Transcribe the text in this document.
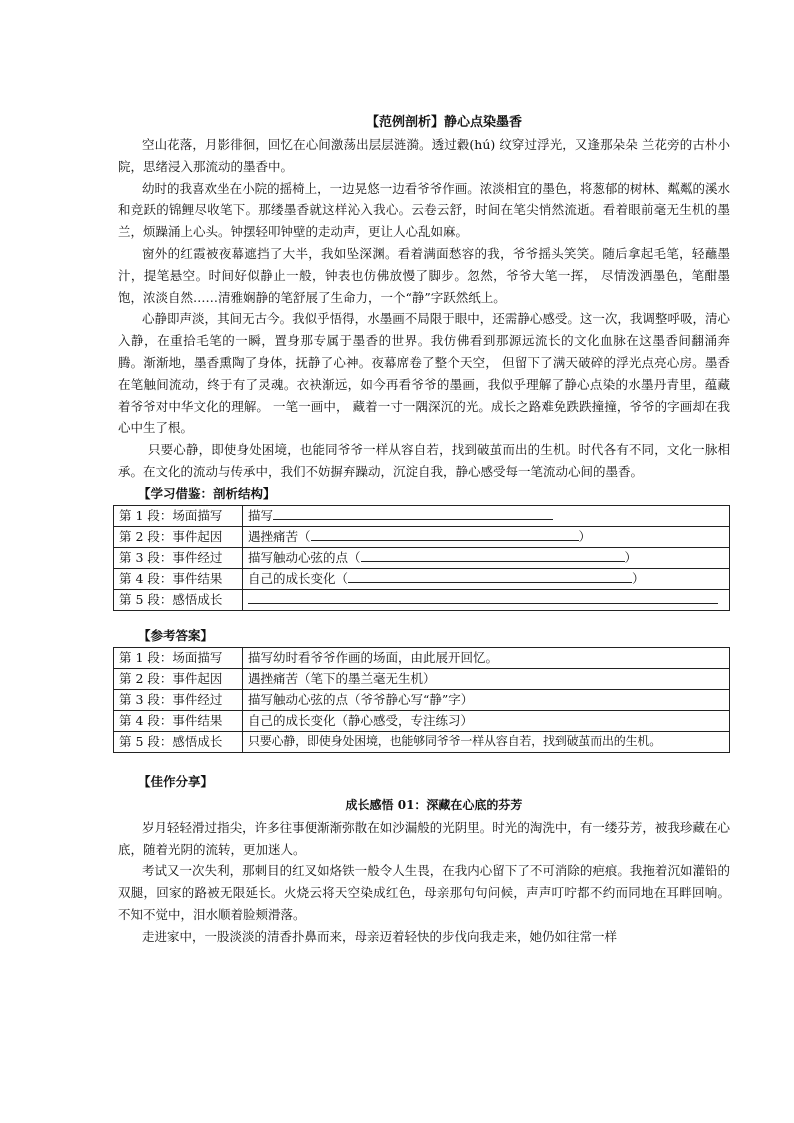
【范例剖析】静心点染墨香

空山花落，月影徘徊，回忆在心间激荡出层层涟漪。透过縠(hú) 纹穿过浮光，又逢那朵朵 兰花旁的古朴小院，思绪浸入那流动的墨香中。

幼时的我喜欢坐在小院的摇椅上，一边晃悠一边看爷爷作画。浓淡相宜的墨色，将葱郁的树林、粼粼的溪水和竞跃的锦鲤尽收笔下。那缕墨香就这样沁入我心。云卷云舒，时间在笔尖悄然流逝。看着眼前毫无生机的墨兰，烦躁涌上心头。钟摆轻叩钟壁的走动声，更让人心乱如麻。

窗外的红霞被夜幕遮挡了大半，我如坠深渊。看着满面愁容的我，爷爷摇头笑笑。随后拿起毛笔，轻蘸墨汁，提笔悬空。时间好似静止一般，钟表也仿佛放慢了脚步。忽然，爷爷大笔一挥， 尽情泼洒墨色，笔酣墨饱，浓淡自然……清雅娴静的笔舒展了生命力，一个“静”字跃然纸上。

心静即声淡，其间无古今。我似乎悟得，水墨画不局限于眼中，还需静心感受。这一次，我调整呼吸，清心入静，在重拾毛笔的一瞬，置身那专属于墨香的世界。我仿佛看到那源远流长的文化血脉在这墨香间翻涌奔腾。渐渐地，墨香熏陶了身体，抚静了心神。夜幕席卷了整个天空， 但留下了满天破碎的浮光点亮心房。墨香在笔触间流动，终于有了灵魂。衣袂渐远，如今再看爷爷的墨画，我似乎理解了静心点染的水墨丹青里，蕴藏着爷爷对中华文化的理解。 一笔一画中， 藏着一寸一隅深沉的光。成长之路难免跌跌撞撞，爷爷的字画却在我心中生了根。

只要心静，即使身处困境，也能同爷爷一样从容自若，找到破茧而出的生机。时代各有不同，文化一脉相承。在文化的流动与传承中，我们不妨摒弃躁动，沉淀自我，静心感受每一笔流动心间的墨香。

【学习借鉴：剖析结构】
第 1 段：场面描写	描写
第 2 段：事件起因	遇挫痛苦（ ）
第 3 段：事件经过	描写触动心弦的点（ ）
第 4 段：事件结果	自己的成长变化（ ）
第 5 段：感悟成长	
【参考答案】
第 1 段：场面描写	描写幼时看爷爷作画的场面，由此展开回忆。
第 2 段：事件起因	遇挫痛苦（笔下的墨兰毫无生机）
第 3 段：事件经过	描写触动心弦的点（爷爷静心写“静”字）
第 4 段：事件结果	自己的成长变化（静心感受，专注练习）
第 5 段：感悟成长	只要心静，即使身处困境，也能够同爷爷一样从容自若，找到破茧而出的生机。
【佳作分享】
成长感悟 01：深藏在心底的芬芳

岁月轻轻滑过指尖，许多往事便渐渐弥散在如沙漏般的光阴里。时光的淘洗中，有一缕芬芳，被我珍藏在心底，随着光阴的流转，更加迷人。

考试又一次失利，那刺目的红叉如烙铁一般令人生畏，在我内心留下了不可消除的疤痕。我拖着沉如灌铅的双腿，回家的路被无限延长。火烧云将天空染成红色，母亲那句句问候，声声叮咛都不约而同地在耳畔回响。不知不觉中，泪水顺着脸颊滑落。

走进家中，一股淡淡的清香扑鼻而来，母亲迈着轻快的步伐向我走来，她仍如往常一样
